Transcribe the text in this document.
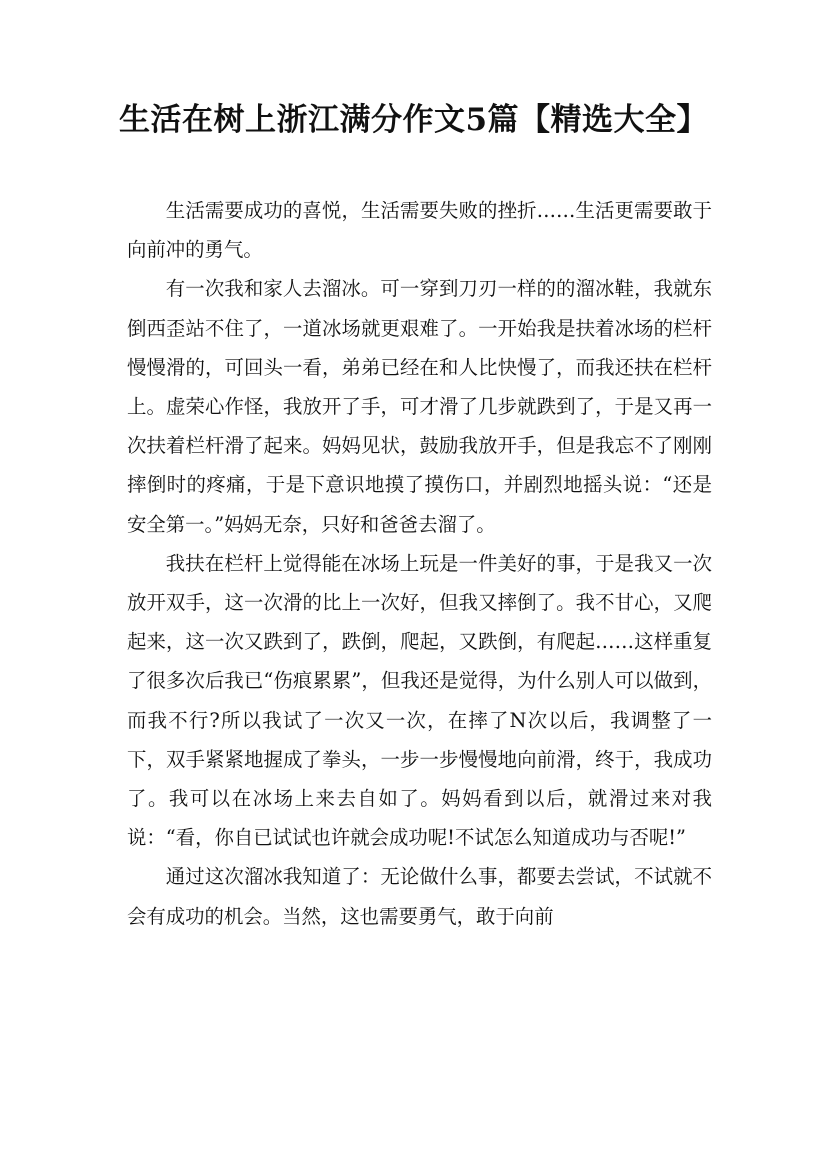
生活在树上浙江满分作文5篇【精选大全】

生活需要成功的喜悦，生活需要失败的挫折……生活更需要敢于向前冲的勇气。

有一次我和家人去溜冰。可一穿到刀刃一样的的溜冰鞋，我就东倒西歪站不住了，一道冰场就更艰难了。一开始我是扶着冰场的栏杆慢慢滑的，可回头一看，弟弟已经在和人比快慢了，而我还扶在栏杆上。虚荣心作怪，我放开了手，可才滑了几步就跌到了，于是又再一次扶着栏杆滑了起来。妈妈见状，鼓励我放开手，但是我忘不了刚刚摔倒时的疼痛，于是下意识地摸了摸伤口，并剧烈地摇头说：“还是安全第一。”妈妈无奈，只好和爸爸去溜了。

我扶在栏杆上觉得能在冰场上玩是一件美好的事，于是我又一次放开双手，这一次滑的比上一次好，但我又摔倒了。我不甘心，又爬起来，这一次又跌到了，跌倒，爬起，又跌倒，有爬起……这样重复了很多次后我已“伤痕累累”，但我还是觉得，为什么别人可以做到，而我不行?所以我试了一次又一次，在摔了N次以后，我调整了一下，双手紧紧地握成了拳头，一步一步慢慢地向前滑，终于，我成功了。我可以在冰场上来去自如了。妈妈看到以后，就滑过来对我说：“看，你自已试试也许就会成功呢!不试怎么知道成功与否呢!”

通过这次溜冰我知道了：无论做什么事，都要去尝试，不试就不会有成功的机会。当然，这也需要勇气，敢于向前
